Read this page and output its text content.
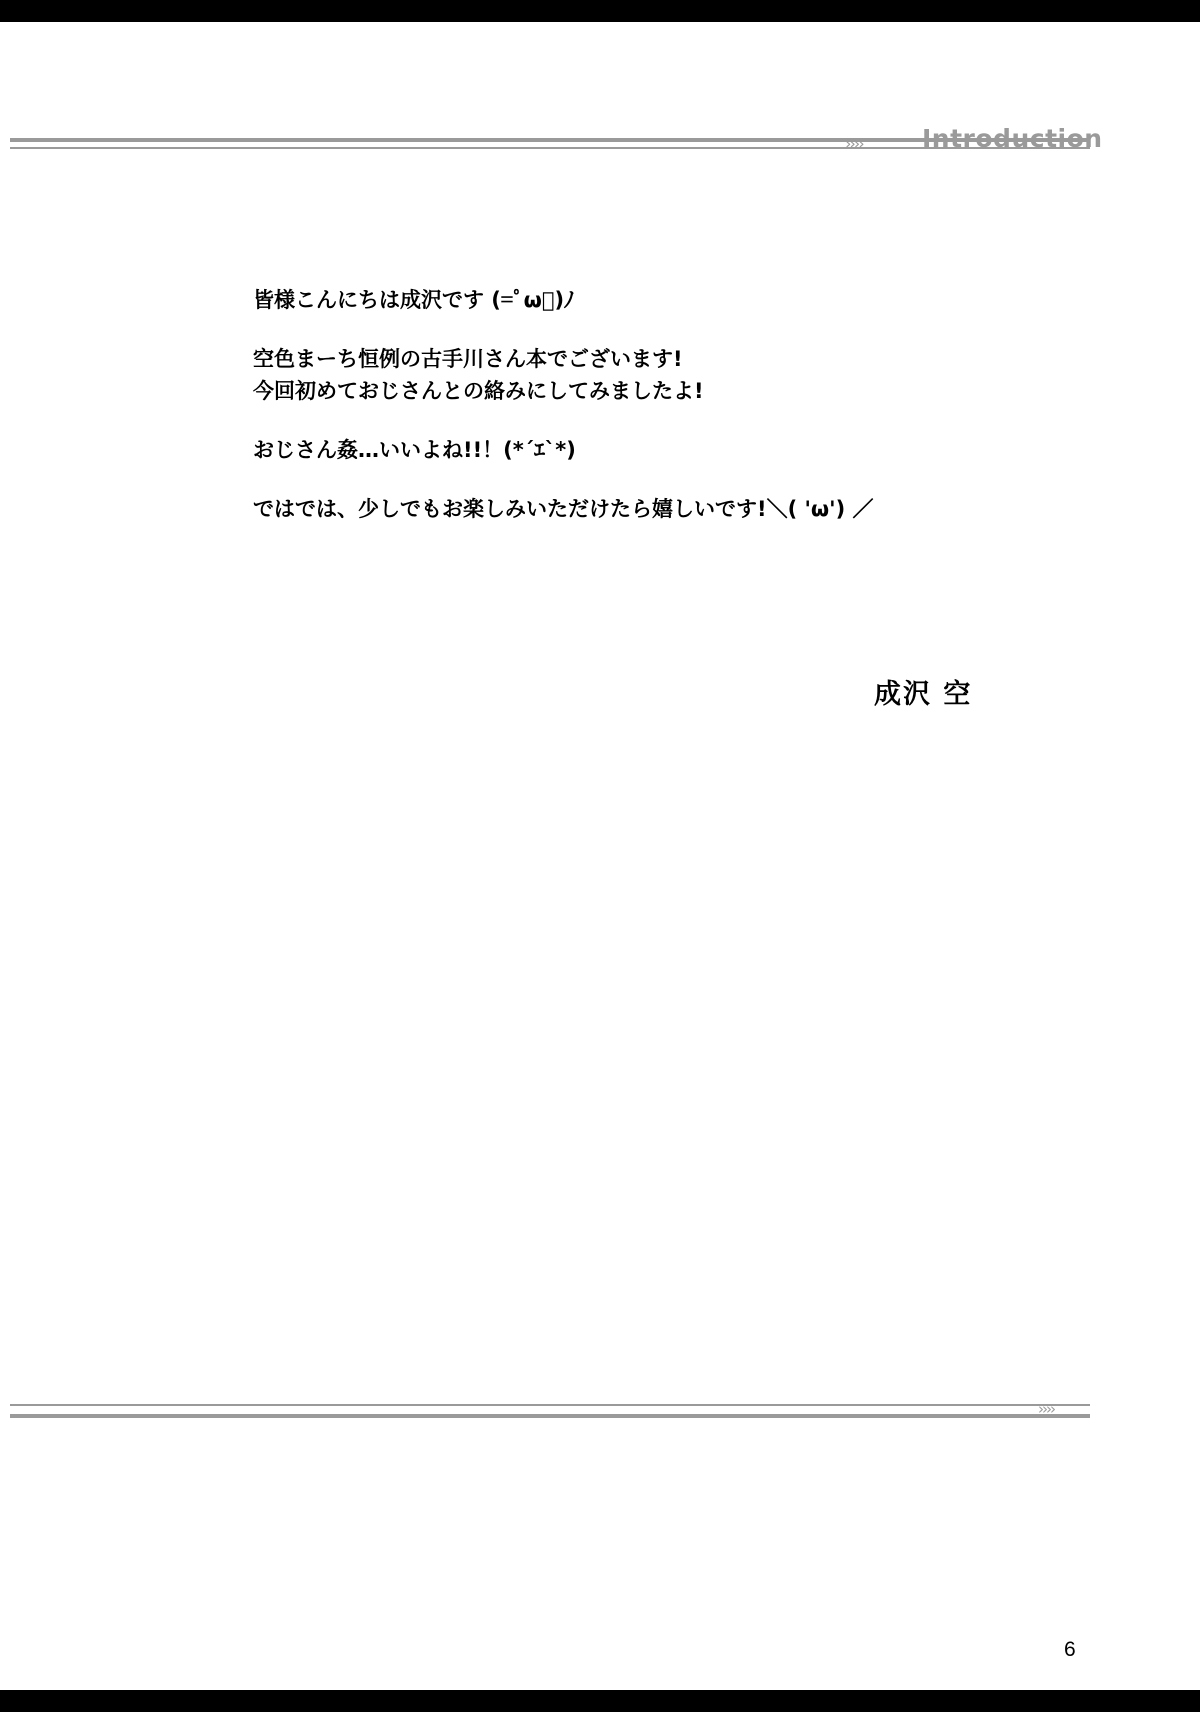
››››	Introduction
皆様こんにちは成沢です (=ﾟω゚)ﾉ
空色まーち恒例の古手川さん本でございます!
今回初めておじさんとの絡みにしてみましたよ!
おじさん姦…いいよね!!！(*´ｴ`*)
ではでは、少しでもお楽しみいただけたら嬉しいです!＼( 'ω') ／
成沢 空
››››
6
古手川 vs 夜道の種付けおじさん／まえがき
